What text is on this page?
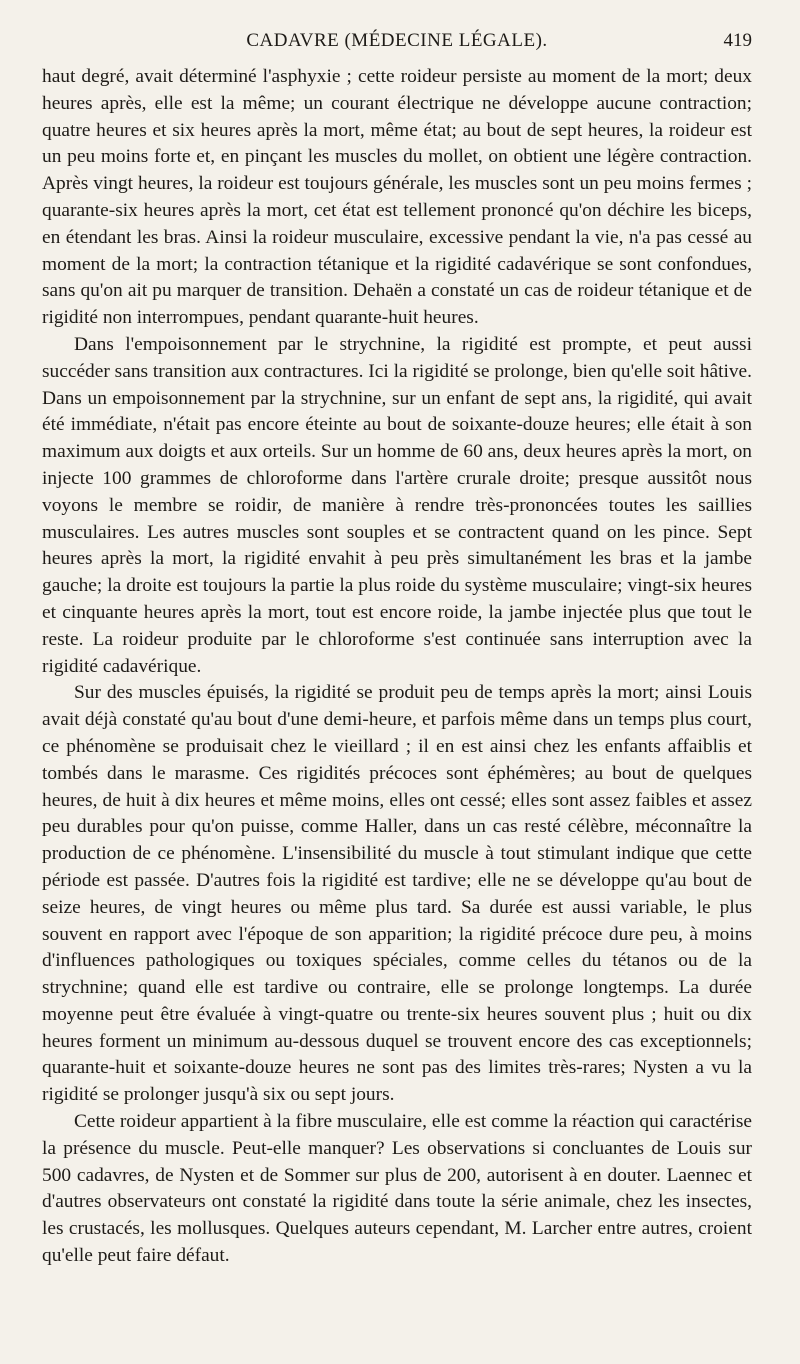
CADAVRE (MÉDECINE LÉGALE).	419

haut degré, avait déterminé l'asphyxie ; cette roideur persiste au moment de la mort; deux heures après, elle est la même; un courant électrique ne développe aucune contraction; quatre heures et six heures après la mort, même état; au bout de sept heures, la roideur est un peu moins forte et, en pinçant les muscles du mollet, on obtient une légère contraction. Après vingt heures, la roideur est toujours générale, les muscles sont un peu moins fermes ; quarante-six heures après la mort, cet état est tellement prononcé qu'on déchire les biceps, en étendant les bras. Ainsi la roideur musculaire, excessive pendant la vie, n'a pas cessé au moment de la mort; la contraction tétanique et la rigidité cadavérique se sont confondues, sans qu'on ait pu marquer de transition. Dehaën a constaté un cas de roideur tétanique et de rigidité non interrompues, pendant quarante-huit heures.

Dans l'empoisonnement par le strychnine, la rigidité est prompte, et peut aussi succéder sans transition aux contractures. Ici la rigidité se prolonge, bien qu'elle soit hâtive. Dans un empoisonnement par la strychnine, sur un enfant de sept ans, la rigidité, qui avait été immédiate, n'était pas encore éteinte au bout de soixante-douze heures; elle était à son maximum aux doigts et aux orteils. Sur un homme de 60 ans, deux heures après la mort, on injecte 100 grammes de chloroforme dans l'artère crurale droite; presque aussitôt nous voyons le membre se roidir, de manière à rendre très-prononcées toutes les saillies musculaires. Les autres muscles sont souples et se contractent quand on les pince. Sept heures après la mort, la rigidité envahit à peu près simultanément les bras et la jambe gauche; la droite est toujours la partie la plus roide du système musculaire; vingt-six heures et cinquante heures après la mort, tout est encore roide, la jambe injectée plus que tout le reste. La roideur produite par le chloroforme s'est continuée sans interruption avec la rigidité cadavérique.

Sur des muscles épuisés, la rigidité se produit peu de temps après la mort; ainsi Louis avait déjà constaté qu'au bout d'une demi-heure, et parfois même dans un temps plus court, ce phénomène se produisait chez le vieillard ; il en est ainsi chez les enfants affaiblis et tombés dans le marasme. Ces rigidités précoces sont éphémères; au bout de quelques heures, de huit à dix heures et même moins, elles ont cessé; elles sont assez faibles et assez peu durables pour qu'on puisse, comme Haller, dans un cas resté célèbre, méconnaître la production de ce phénomène. L'insensibilité du muscle à tout stimulant indique que cette période est passée. D'autres fois la rigidité est tardive; elle ne se développe qu'au bout de seize heures, de vingt heures ou même plus tard. Sa durée est aussi variable, le plus souvent en rapport avec l'époque de son apparition; la rigidité précoce dure peu, à moins d'influences pathologiques ou toxiques spéciales, comme celles du tétanos ou de la strychnine; quand elle est tardive ou contraire, elle se prolonge longtemps. La durée moyenne peut être évaluée à vingt-quatre ou trente-six heures souvent plus ; huit ou dix heures forment un minimum au-dessous duquel se trouvent encore des cas exceptionnels; quarante-huit et soixante-douze heures ne sont pas des limites très-rares; Nysten a vu la rigidité se prolonger jusqu'à six ou sept jours.

Cette roideur appartient à la fibre musculaire, elle est comme la réaction qui caractérise la présence du muscle. Peut-elle manquer? Les observations si concluantes de Louis sur 500 cadavres, de Nysten et de Sommer sur plus de 200, autorisent à en douter. Laennec et d'autres observateurs ont constaté la rigidité dans toute la série animale, chez les insectes, les crustacés, les mollusques. Quelques auteurs cependant, M. Larcher entre autres, croient qu'elle peut faire défaut.
